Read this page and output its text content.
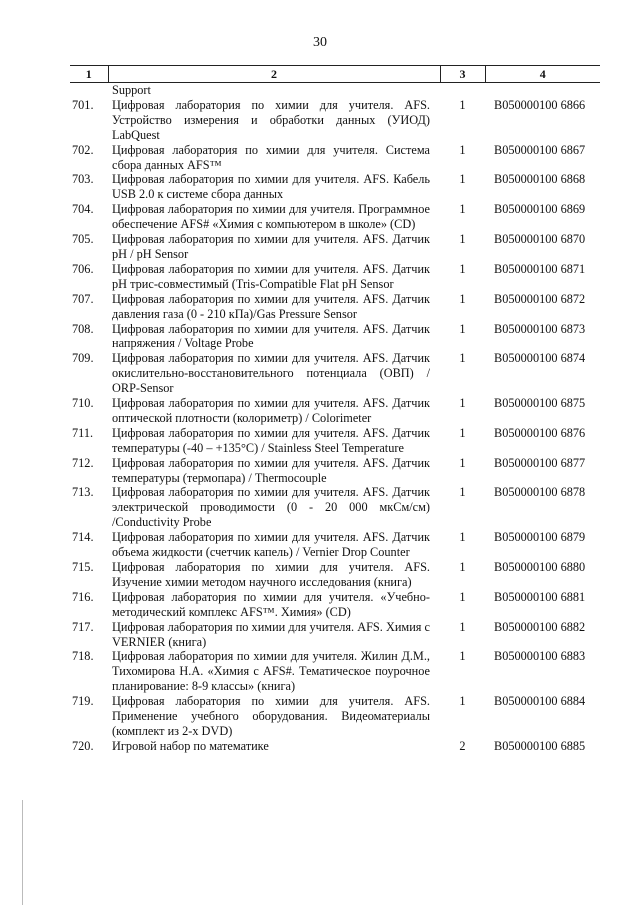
30
1	2	3	4
	Support		
701.	Цифровая лаборатория по химии для учителя. AFS. Устройство измерения и обработки данных (УИОД) LabQuest	1	B050000100 6866
702.	Цифровая лаборатория по химии для учителя. Система сбора данных AFS™	1	B050000100 6867
703.	Цифровая лаборатория по химии для учителя. AFS. Кабель USB 2.0 к системе сбора данных	1	B050000100 6868
704.	Цифровая лаборатория по химии для учителя. Программное обеспечение AFS# «Химия с компьютером в школе» (CD)	1	B050000100 6869
705.	Цифровая лаборатория по химии для учителя. AFS. Датчик pH / pH Sensor	1	B050000100 6870
706.	Цифровая лаборатория по химии для учителя. AFS. Датчик pH трис-совместимый (Tris-Compatible Flat pH Sensor	1	B050000100 6871
707.	Цифровая лаборатория по химии для учителя. AFS. Датчик давления газа (0 - 210 кПа)/Gas Pressure Sensor	1	B050000100 6872
708.	Цифровая лаборатория по химии для учителя. AFS. Датчик напряжения / Voltage Probe	1	B050000100 6873
709.	Цифровая лаборатория по химии для учителя. AFS. Датчик окислительно-восстановительного потенциала (ОВП) / ORP-Sensor	1	B050000100 6874
710.	Цифровая лаборатория по химии для учителя. AFS. Датчик оптической плотности (колориметр) / Colorimeter	1	B050000100 6875
711.	Цифровая лаборатория по химии для учителя. AFS. Датчик температуры (-40 – +135°C) / Stainless Steel Temperature	1	B050000100 6876
712.	Цифровая лаборатория по химии для учителя. AFS. Датчик температуры (термопара) / Thermocouple	1	B050000100 6877
713.	Цифровая лаборатория по химии для учителя. AFS. Датчик электрической проводимости (0 - 20 000 мкСм/см) /Conductivity Probe	1	B050000100 6878
714.	Цифровая лаборатория по химии для учителя. AFS. Датчик объема жидкости (счетчик капель) / Vernier Drop Counter	1	B050000100 6879
715.	Цифровая лаборатория по химии для учителя. AFS. Изучение химии методом научного исследования (книга)	1	B050000100 6880
716.	Цифровая лаборатория по химии для учителя. «Учебно-методический комплекс AFS™. Химия» (CD)	1	B050000100 6881
717.	Цифровая лаборатория по химии для учителя. AFS. Химия с VERNIER (книга)	1	B050000100 6882
718.	Цифровая лаборатория по химии для учителя. Жилин Д.М., Тихомирова Н.А. «Химия с AFS#. Тематическое поурочное планирование: 8-9 классы» (книга)	1	B050000100 6883
719.	Цифровая лаборатория по химии для учителя. AFS. Применение учебного оборудования. Видеоматериалы (комплект из 2-х DVD)	1	B050000100 6884
720.	Игровой набор по математике	2	B050000100 6885
